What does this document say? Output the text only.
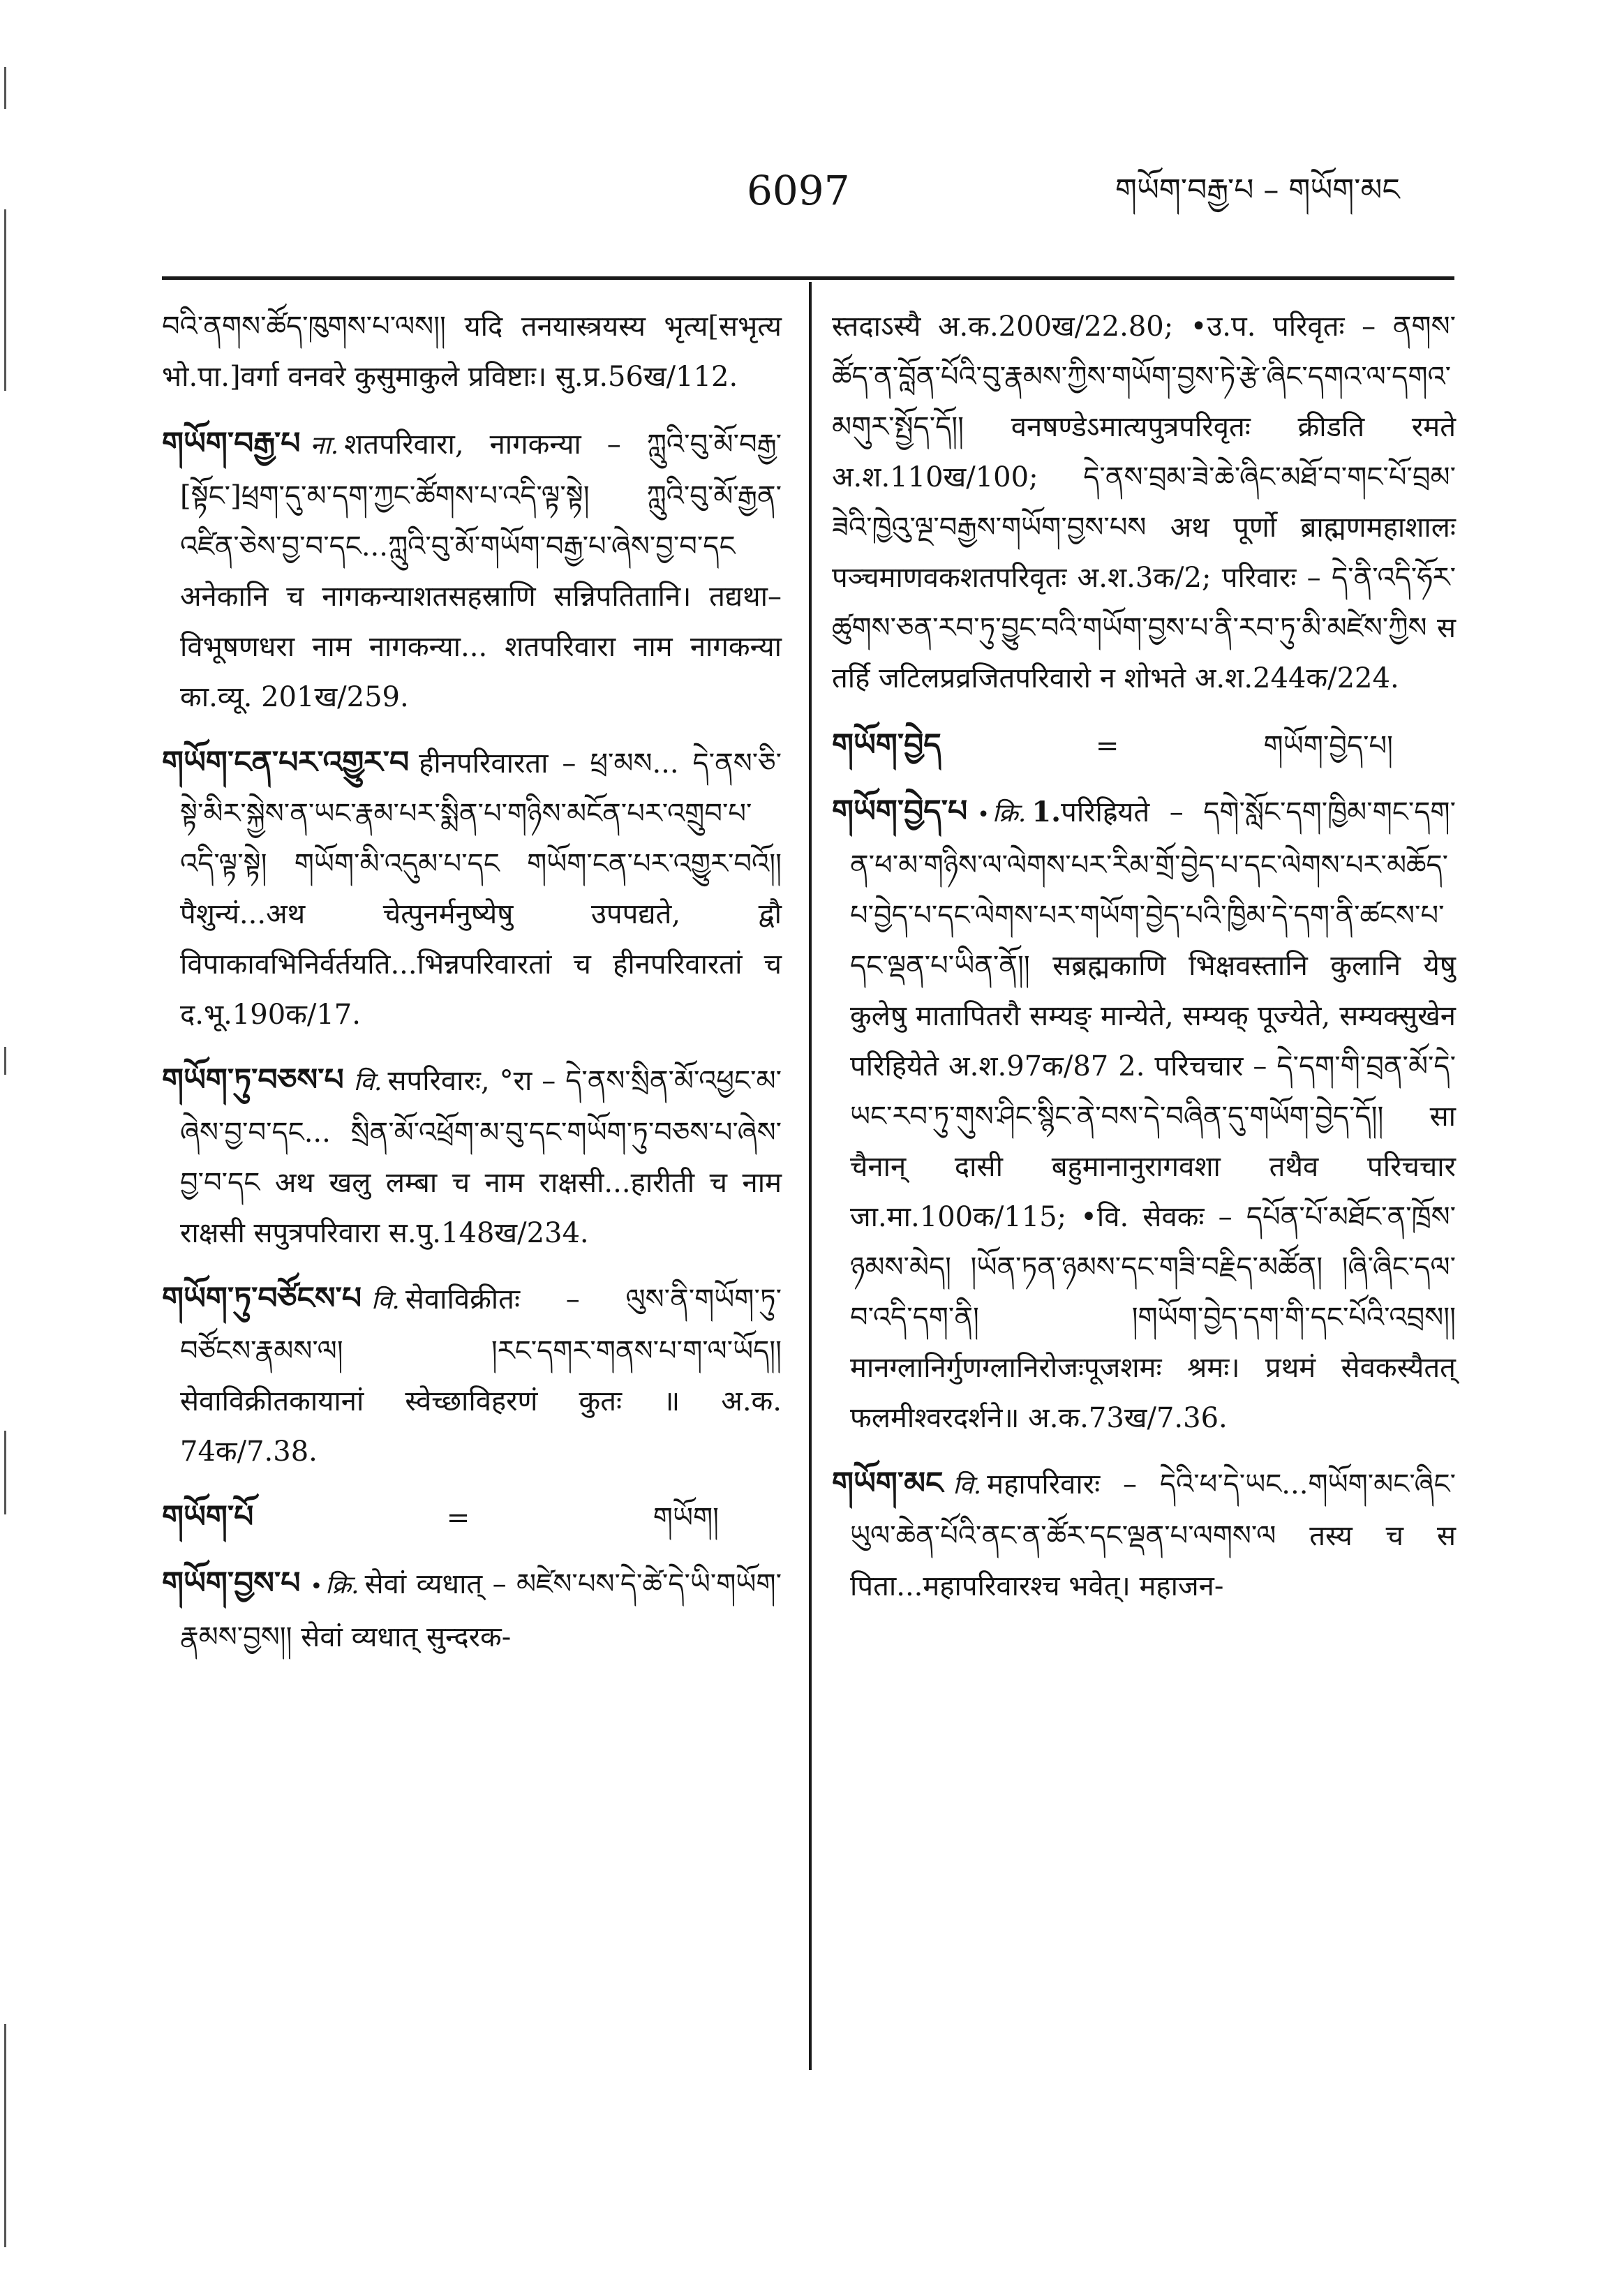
6097	གཡོག་བརྒྱ་པ – གཡོག་མང
བའི་ནགས་ཚོད་ཁུགས་པ་ལས།། यदि तनयास्त्रयस्य भृत्य[सभृत्य भो.पा.]वर्गा वनवरे कुसुमाकुले प्रविष्टाः। सु.प्र.56ख/112.
གཡོག་བརྒྱ་པ ना. शतपरिवारा, नागकन्या – ཀླུའི་བུ་མོ་བརྒྱ་[སྟོང་]ཕྲག་དུ་མ་དག་ཀྱང་ཚོགས་པ་འདི་ལྟ་སྟེ། ཀླུའི་བུ་མོ་རྒྱན་འཛིན་ཅེས་བྱ་བ་དང...ཀླུའི་བུ་མོ་གཡོག་བརྒྱ་པ་ཞེས་བྱ་བ་དང अनेकानि च नागकन्याशतसहस्राणि सन्निपतितानि। तद्यथा– विभूषणधरा नाम नागकन्या... शतपरिवारा नाम नागकन्या का.व्यू. 201ख/259.
གཡོག་ངན་པར་འགྱུར་བ हीनपरिवारता – ཕྲ་མས... དེ་ནས་ཅི་སྟེ་མིར་སྐྱེས་ན་ཡང་རྣམ་པར་སྨིན་པ་གཉིས་མངོན་པར་འགྲུབ་པ་འདི་ལྟ་སྟེ། གཡོག་མི་འདུམ་པ་དང གཡོག་ངན་པར་འགྱུར་བའོ།། पैशुन्यं...अथ चेत्पुनर्मनुष्येषु उपपद्यते, द्वौ विपाकावभिनिर्वर्तयति...भिन्नपरिवारतां च हीनपरिवारतां च द.भू.190क/17.
གཡོག་ཏུ་བཅས་པ वि. सपरिवारः, °रा – དེ་ནས་སྲིན་མོ་འཕྱང་མ་ཞེས་བྱ་བ་དང... སྲིན་མོ་འཕྲོག་མ་བུ་དང་གཡོག་ཏུ་བཅས་པ་ཞེས་བྱ་བ་དང अथ खलु लम्बा च नाम राक्षसी...हारीती च नाम राक्षसी सपुत्रपरिवारा स.पु.148ख/234.
གཡོག་ཏུ་བཙོངས་པ वि. सेवाविक्रीतः – ལུས་ནི་གཡོག་ཏུ་བཙོངས་རྣམས་ལ། །རང་དགར་གནས་པ་ག་ལ་ཡོད།། सेवाविक्रीतकायानां स्वेच्छाविहरणं कुतः ॥ अ.क. 74क/7.38.
གཡོག་པོ	=	གཡོག།
གཡོག་བྱས་པ • क्रि. सेवां व्यधात् – མཛེས་པས་དེ་ཚེ་དེ་ཡི་གཡོག་རྣམས་བྱས།། सेवां व्यधात् सुन्दरक-
स्तदाऽस्यै अ.क.200ख/22.80; •उ.प. परिवृतः – ནགས་ཚོད་ན་བློན་པོའི་བུ་རྣམས་ཀྱིས་གཡོག་བྱས་ཏེ་རྩེ་ཞིང་དགའ་ལ་དགའ་མགུར་སྤྱོད་དོ།། वनषण्डेऽमात्यपुत्रपरिवृतः क्रीडति रमते अ.श.110ख/100; དེ་ནས་བྲམ་ཟེ་ཆེ་ཞིང་མཐོ་བ་གང་པོ་བྲམ་ཟེའི་ཁྱེའུ་ལྔ་བརྒྱས་གཡོག་བྱས་པས अथ पूर्णो ब्राह्मणमहाशालः पञ्चमाणवकशतपरिवृतः अ.श.3क/2; परिवारः – དེ་ནི་འདི་ཧོར་ཚུགས་ཅན་རབ་ཏུ་བྱུང་བའི་གཡོག་བྱས་པ་ནི་རབ་ཏུ་མི་མཛེས་ཀྱིས स तर्हि जटिलप्रव्रजितपरिवारो न शोभते अ.श.244क/224.
གཡོག་བྱེད	=	གཡོག་བྱེད་པ།
གཡོག་བྱེད་པ • क्रि. 1.परिह्रियते – དགེ་སློང་དག་ཁྱིམ་གང་དག་ན་ཕ་མ་གཉིས་ལ་ལེགས་པར་རིམ་གྲོ་བྱེད་པ་དང་ལེགས་པར་མཆོད་པ་བྱེད་པ་དང་ལེགས་པར་གཡོག་བྱེད་པའི་ཁྱིམ་དེ་དག་ནི་ཚངས་པ་དང་ལྡན་པ་ཡིན་ནོ།། सब्रह्मकाणि भिक्षवस्तानि कुलानि येषु कुलेषु मातापितरौ सम्यङ् मान्येते, सम्यक् पूज्येते, सम्यक्सुखेन परिहियेते अ.श.97क/87 2. परिचचार – དེ་དག་གི་བྲན་མོ་དེ་ཡང་རབ་ཏུ་གུས་ཤིང་སྙིང་ནེ་བས་དེ་བཞིན་དུ་གཡོག་བྱེད་དོ།། सा चैनान् दासी बहुमानानुरागवशा तथैव परिचचार जा.मा.100क/115; •वि. सेवकः – དཔོན་པོ་མཐོང་ན་ཁྲོས་ཉམས་མེད། །ཡོན་ཏན་ཉམས་དང་གཟི་བརྗིད་མཚོན། །ཞི་ཞིང་དལ་བ་འདི་དག་ནི། །གཡོག་བྱེད་དག་གི་དང་པོའི་འབྲས།། मानग्लानिर्गुणग्लानिरोजःपूजशमः श्रमः। प्रथमं सेवकस्यैतत् फलमीश्वरदर्शने॥ अ.क.73ख/7.36.
གཡོག་མང वि. महापरिवारः – དེའི་ཕ་དེ་ཡང...གཡོག་མང་ཞིང་ཡུལ་ཆེན་པོའི་ནང་ན་ཚོར་དང་ལྡན་པ་ལགས་ལ तस्य च स पिता...महापरिवारश्च भवेत्। महाजन-
